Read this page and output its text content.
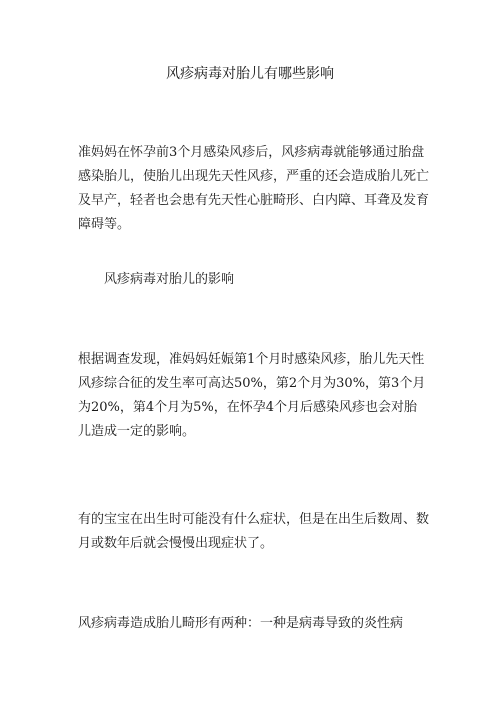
风疹病毒对胎儿有哪些影响

准妈妈在怀孕前3个月感染风疹后，风疹病毒就能够通过胎盘感染胎儿，使胎儿出现先天性风疹，严重的还会造成胎儿死亡及早产，轻者也会患有先天性心脏畸形、白内障、耳聋及发育障碍等。

风疹病毒对胎儿的影响

根据调查发现，准妈妈妊娠第1个月时感染风疹，胎儿先天性风疹综合征的发生率可高达50%，第2个月为30%，第3个月为20%，第4个月为5%，在怀孕4个月后感染风疹也会对胎儿造成一定的影响。

有的宝宝在出生时可能没有什么症状，但是在出生后数周、数月或数年后就会慢慢出现症状了。

风疹病毒造成胎儿畸形有两种：一种是病毒导致的炎性病
